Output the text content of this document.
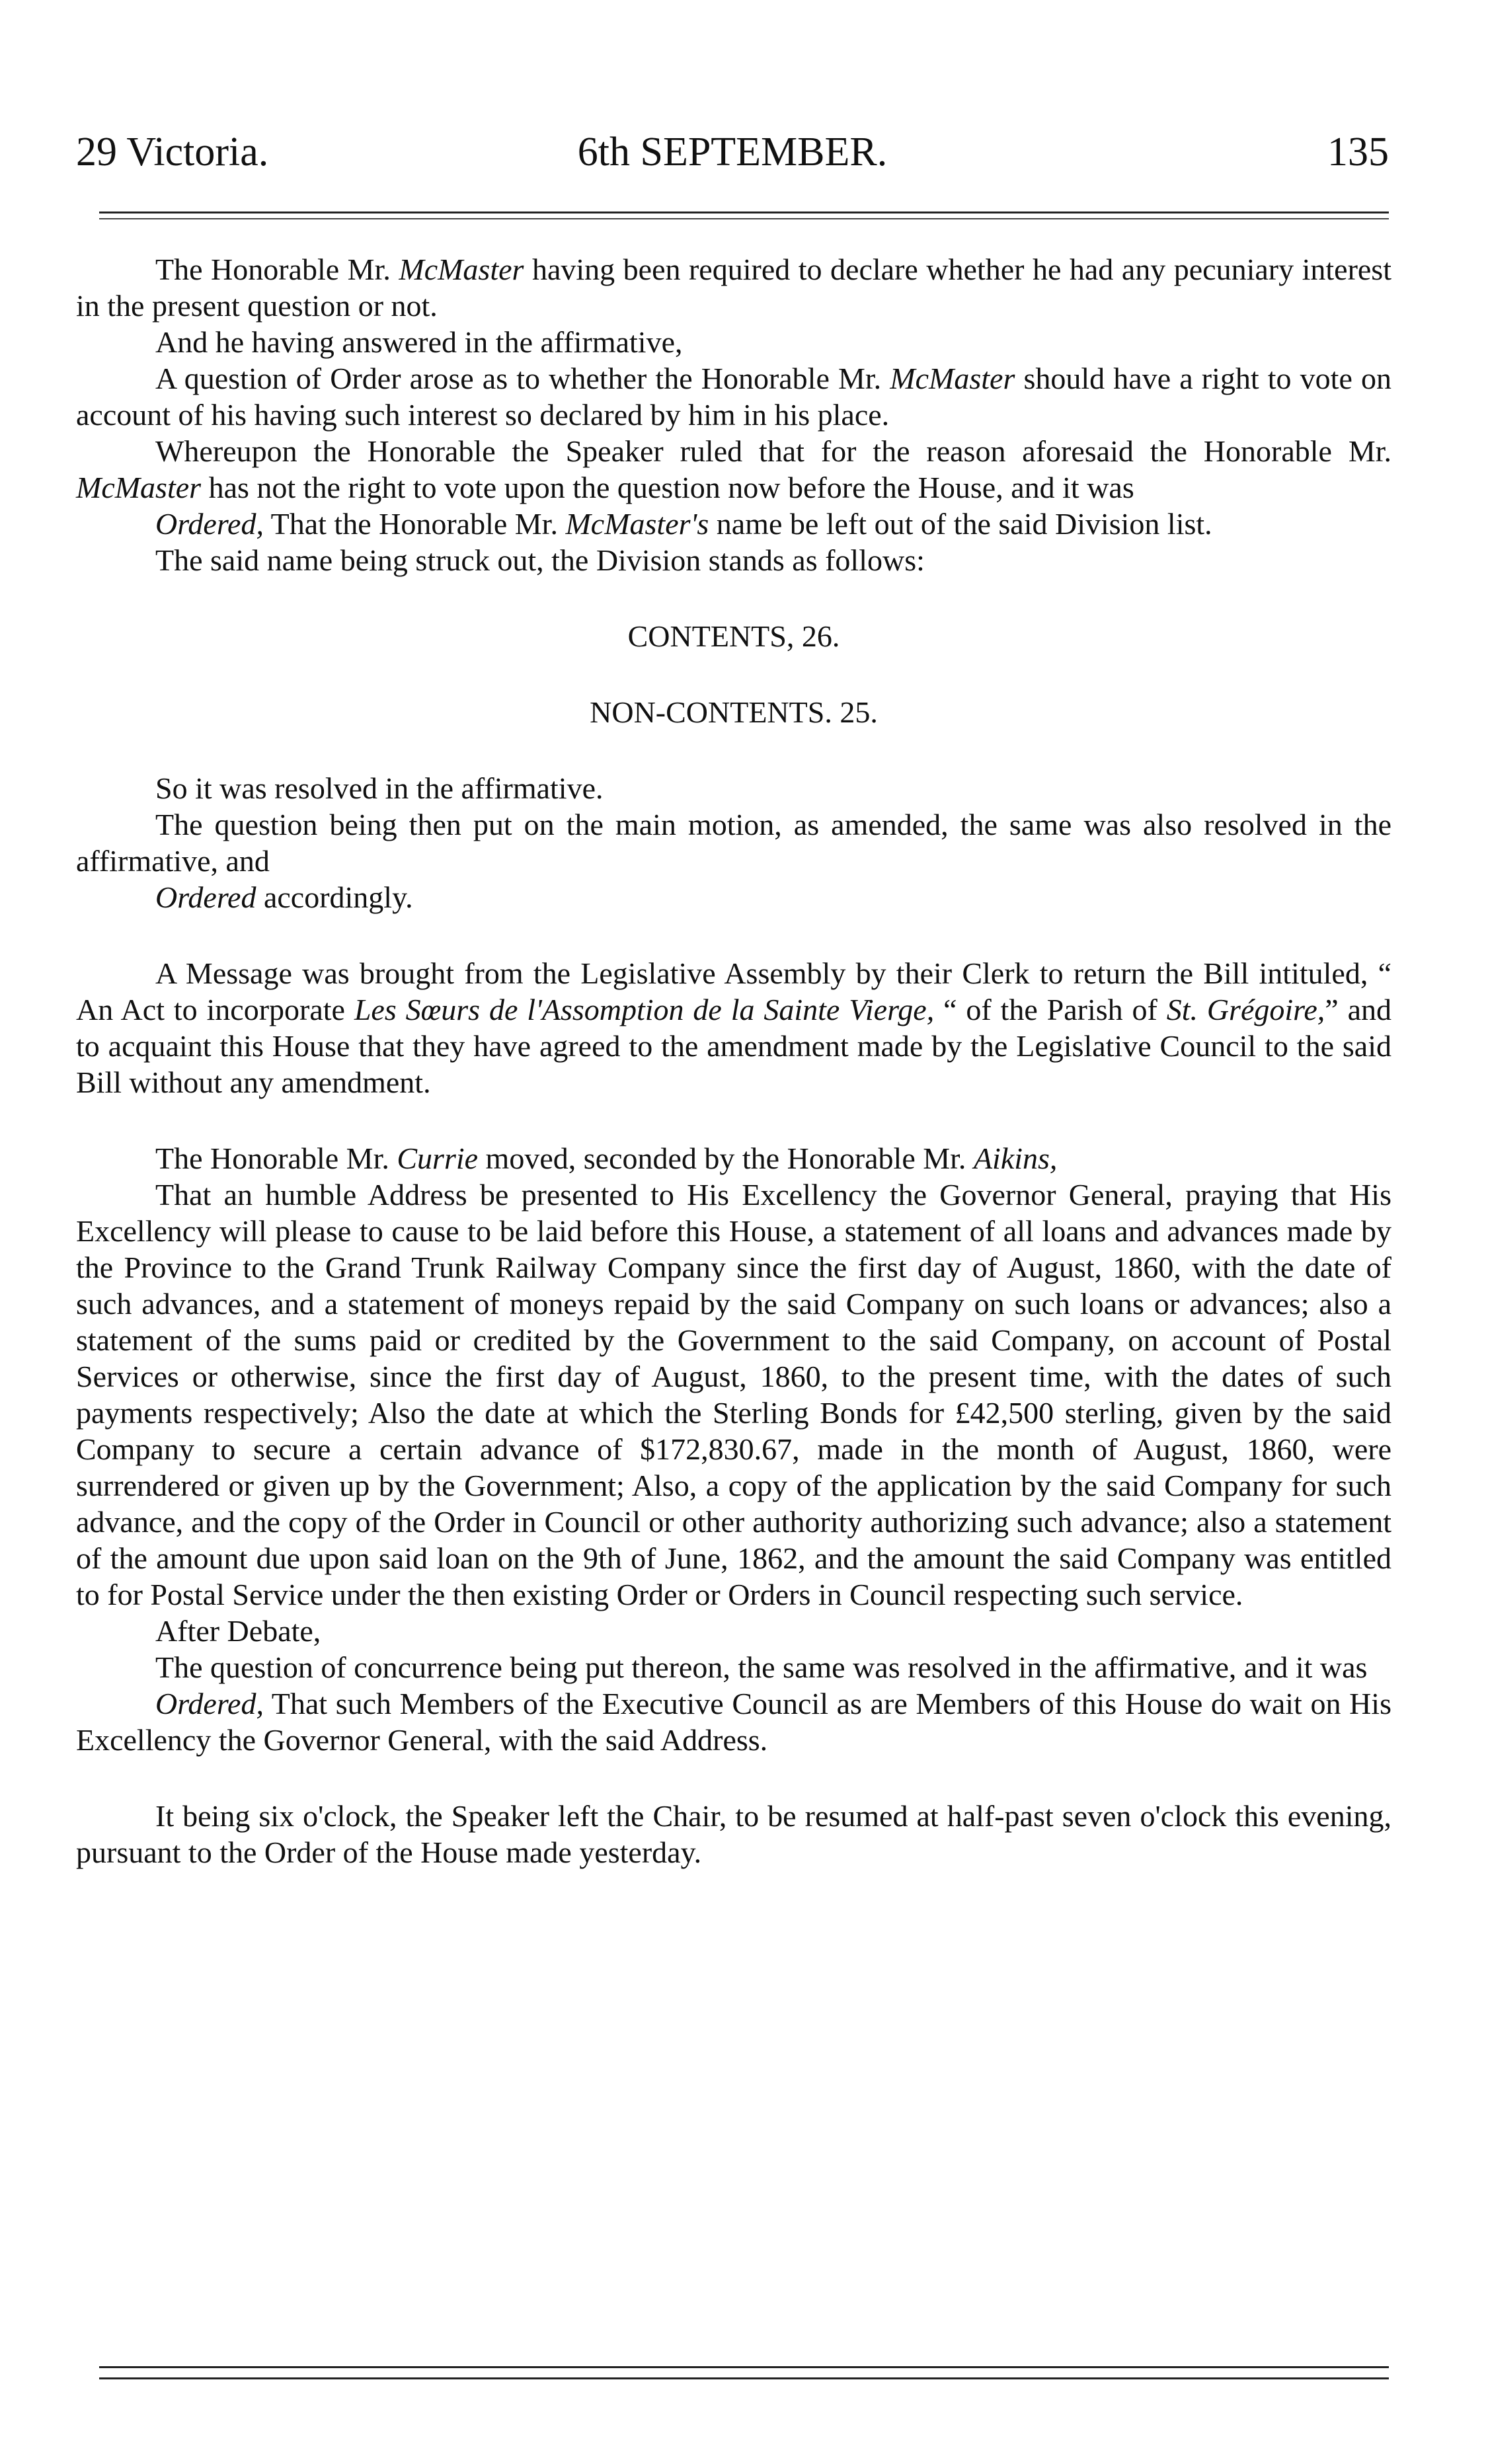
29 Victoria.	6th SEPTEMBER.	135

The Honorable Mr. McMaster having been required to declare whether he had any pecuniary interest in the present question or not.

And he having answered in the affirmative,

A question of Order arose as to whether the Honorable Mr. McMaster should have a right to vote on account of his having such interest so declared by him in his place.

Whereupon the Honorable the Speaker ruled that for the reason aforesaid the Honorable Mr. McMaster has not the right to vote upon the question now before the House, and it was

Ordered, That the Honorable Mr. McMaster's name be left out of the said Division list.

The said name being struck out, the Division stands as follows:

CONTENTS, 26.

NON-CONTENTS. 25.

So it was resolved in the affirmative.

The question being then put on the main motion, as amended, the same was also resolved in the affirmative, and

Ordered accordingly.

A Message was brought from the Legislative Assembly by their Clerk to return the Bill intituled, “ An Act to incorporate Les Sœurs de l'Assomption de la Sainte Vierge, “ of the Parish of St. Grégoire,” and to acquaint this House that they have agreed to the amendment made by the Legislative Council to the said Bill without any amendment.

The Honorable Mr. Currie moved, seconded by the Honorable Mr. Aikins,

That an humble Address be presented to His Excellency the Governor General, praying that His Excellency will please to cause to be laid before this House, a statement of all loans and advances made by the Province to the Grand Trunk Railway Company since the first day of August, 1860, with the date of such advances, and a statement of moneys repaid by the said Company on such loans or advances; also a statement of the sums paid or credited by the Government to the said Company, on account of Postal Services or otherwise, since the first day of August, 1860, to the present time, with the dates of such payments respectively; Also the date at which the Sterling Bonds for £42,500 sterling, given by the said Company to secure a certain advance of $172,830.67, made in the month of August, 1860, were surrendered or given up by the Government; Also, a copy of the application by the said Company for such advance, and the copy of the Order in Council or other authority authorizing such advance; also a statement of the amount due upon said loan on the 9th of June, 1862, and the amount the said Company was entitled to for Postal Service under the then existing Order or Orders in Council respecting such service.

After Debate,

The question of concurrence being put thereon, the same was resolved in the affirmative, and it was

Ordered, That such Members of the Executive Council as are Members of this House do wait on His Excellency the Governor General, with the said Address.

It being six o'clock, the Speaker left the Chair, to be resumed at half-past seven o'clock this evening, pursuant to the Order of the House made yesterday.
